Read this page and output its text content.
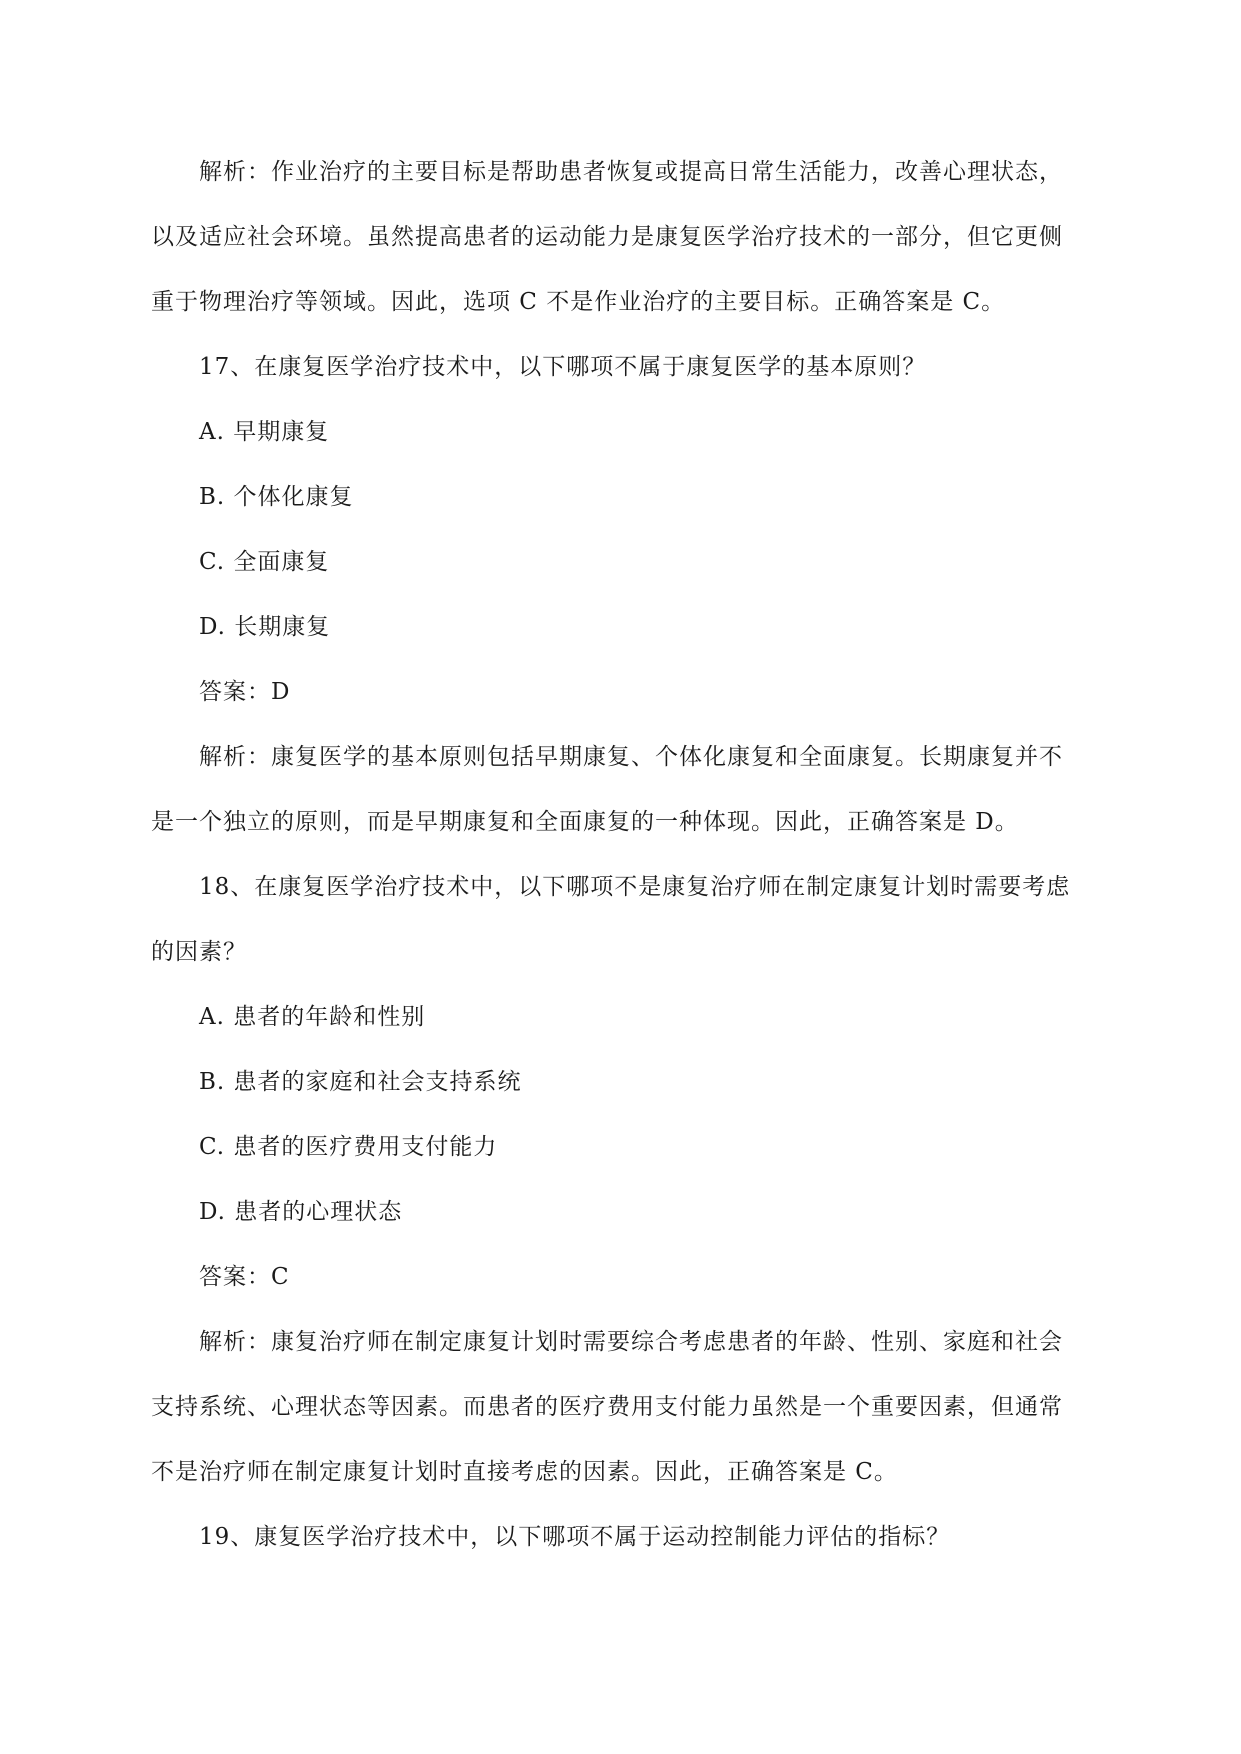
解析：作业治疗的主要目标是帮助患者恢复或提高日常生活能力，改善心理状态，
以及适应社会环境。虽然提高患者的运动能力是康复医学治疗技术的一部分，但它更侧
重于物理治疗等领域。因此，选项 C 不是作业治疗的主要目标。正确答案是 C。
17、在康复医学治疗技术中，以下哪项不属于康复医学的基本原则？
A. 早期康复
B. 个体化康复
C. 全面康复
D. 长期康复
答案：D
解析：康复医学的基本原则包括早期康复、个体化康复和全面康复。长期康复并不
是一个独立的原则，而是早期康复和全面康复的一种体现。因此，正确答案是 D。
18、在康复医学治疗技术中，以下哪项不是康复治疗师在制定康复计划时需要考虑
的因素？
A. 患者的年龄和性别
B. 患者的家庭和社会支持系统
C. 患者的医疗费用支付能力
D. 患者的心理状态
答案：C
解析：康复治疗师在制定康复计划时需要综合考虑患者的年龄、性别、家庭和社会
支持系统、心理状态等因素。而患者的医疗费用支付能力虽然是一个重要因素，但通常
不是治疗师在制定康复计划时直接考虑的因素。因此，正确答案是 C。
19、康复医学治疗技术中，以下哪项不属于运动控制能力评估的指标？
